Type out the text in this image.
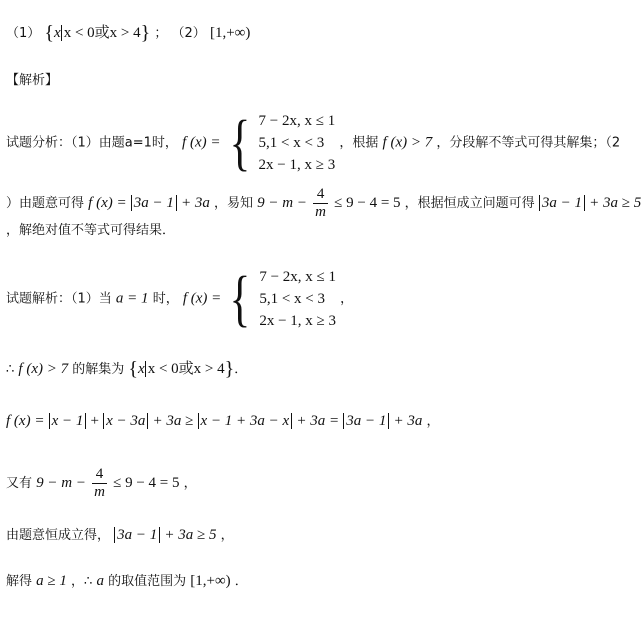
（1） {x x < 0或x > 4} ； （2） [1,+∞)
【解析】
试题分析：（1）由题a=1时， f (x) = { 7 − 2x, x ≤ 1
5,1 < x < 3
2x − 1, x ≥ 3
，根据 f (x) > 7 ，分段解不等式可得其解集；（2
）由题意可得 f (x) = 3a − 1 + 3a ，易知 $9 - m - \frac{4}{m} \le 9 - 4 = 5$ ，根据恒成立问题可得 3a − 1 + 3a ≥ 5
，解绝对值不等式可得结果．
试题解析：（1）当 a = 1 时， f (x) = { 7 − 2x, x ≤ 1
5,1 < x < 3
2x − 1, x ≥ 3
，
∴ f (x) > 7 的解集为 {x x < 0或x > 4}．
f (x) = x − 1 + x − 3a + 3a ≥ x − 1 + 3a − x + 3a = 3a − 1 + 3a ，
又有 $9 - m - \frac{4}{m} \le 9 - 4 = 5$ ，
由题意恒成立得， 3a − 1 + 3a ≥ 5 ，
解得 a ≥ 1 ，∴ a 的取值范围为 [1,+∞) ．
